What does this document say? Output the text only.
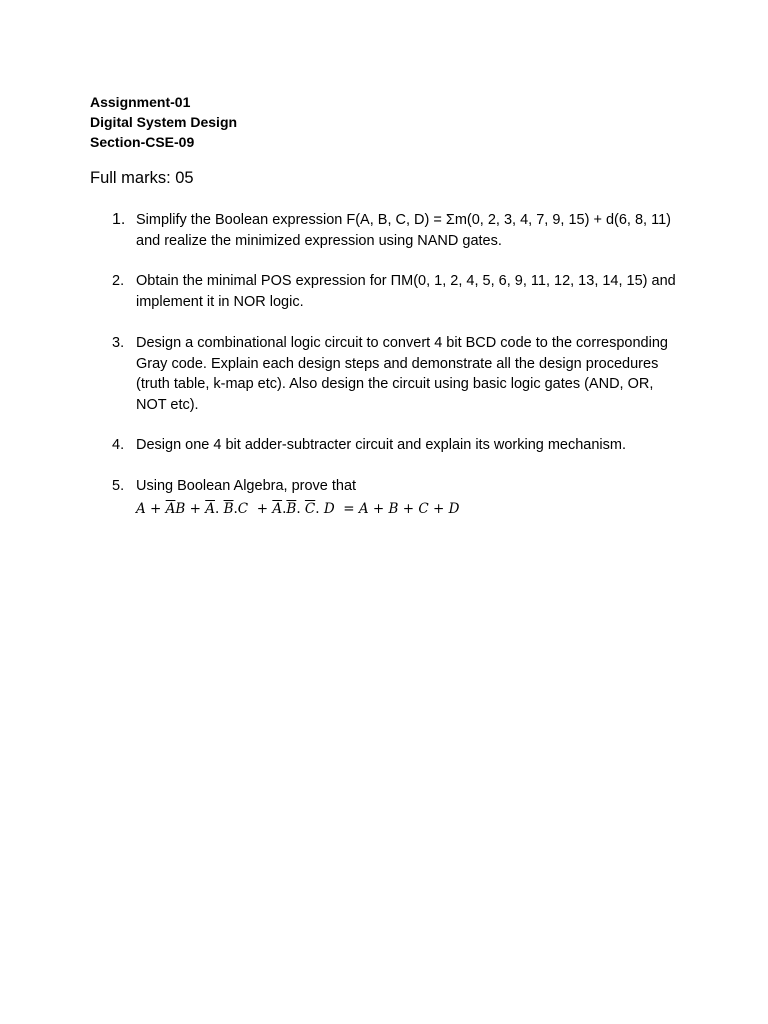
Assignment-01
Digital System Design
Section-CSE-09
Full marks: 05
1. Simplify the Boolean expression F(A, B, C, D) = Σm(0, 2, 3, 4, 7, 9, 15) + d(6, 8, 11) and realize the minimized expression using NAND gates.
2. Obtain the minimal POS expression for ΠM(0, 1, 2, 4, 5, 6, 9, 11, 12, 13, 14, 15) and implement it in NOR logic.
3. Design a combinational logic circuit to convert 4 bit BCD code to the corresponding Gray code. Explain each design steps and demonstrate all the design procedures (truth table, k-map etc). Also design the circuit using basic logic gates (AND, OR, NOT etc).
4. Design one 4 bit adder-subtracter circuit and explain its working mechanism.
5. Using Boolean Algebra, prove that
$A + \overline{A}B + \overline{A}$. $\overline{B}.C + \overline{A}.\overline{B}$. $\overline{C}$. D = A + B + C + D
